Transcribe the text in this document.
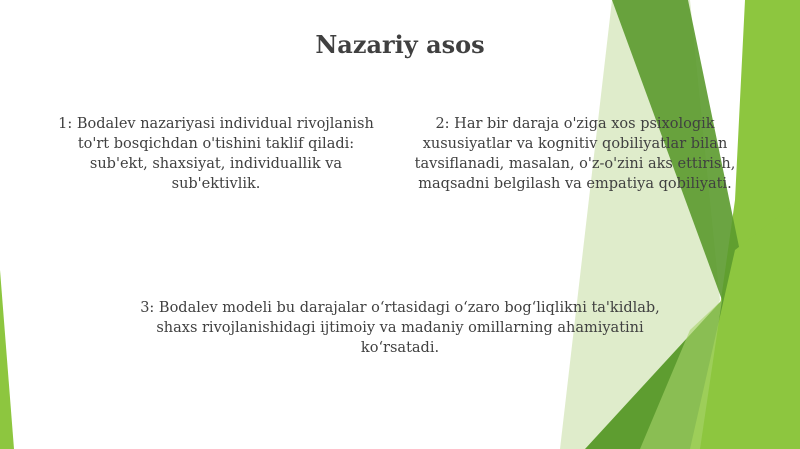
Nazariy asos

1: Bodalev nazariyasi individual rivojlanish to'rt bosqichdan o'tishini taklif qiladi: sub'ekt, shaxsiyat, individuallik va sub'ektivlik.

2: Har bir daraja o'ziga xos psixologik xususiyatlar va kognitiv qobiliyatlar bilan tavsiflanadi, masalan, o'z-o'zini aks ettirish, maqsadni belgilash va empatiya qobiliyati.

3: Bodalev modeli bu darajalar o‘rtasidagi o‘zaro bog‘liqlikni ta'kidlab, shaxs rivojlanishidagi ijtimoiy va madaniy omillarning ahamiyatini ko‘rsatadi.
